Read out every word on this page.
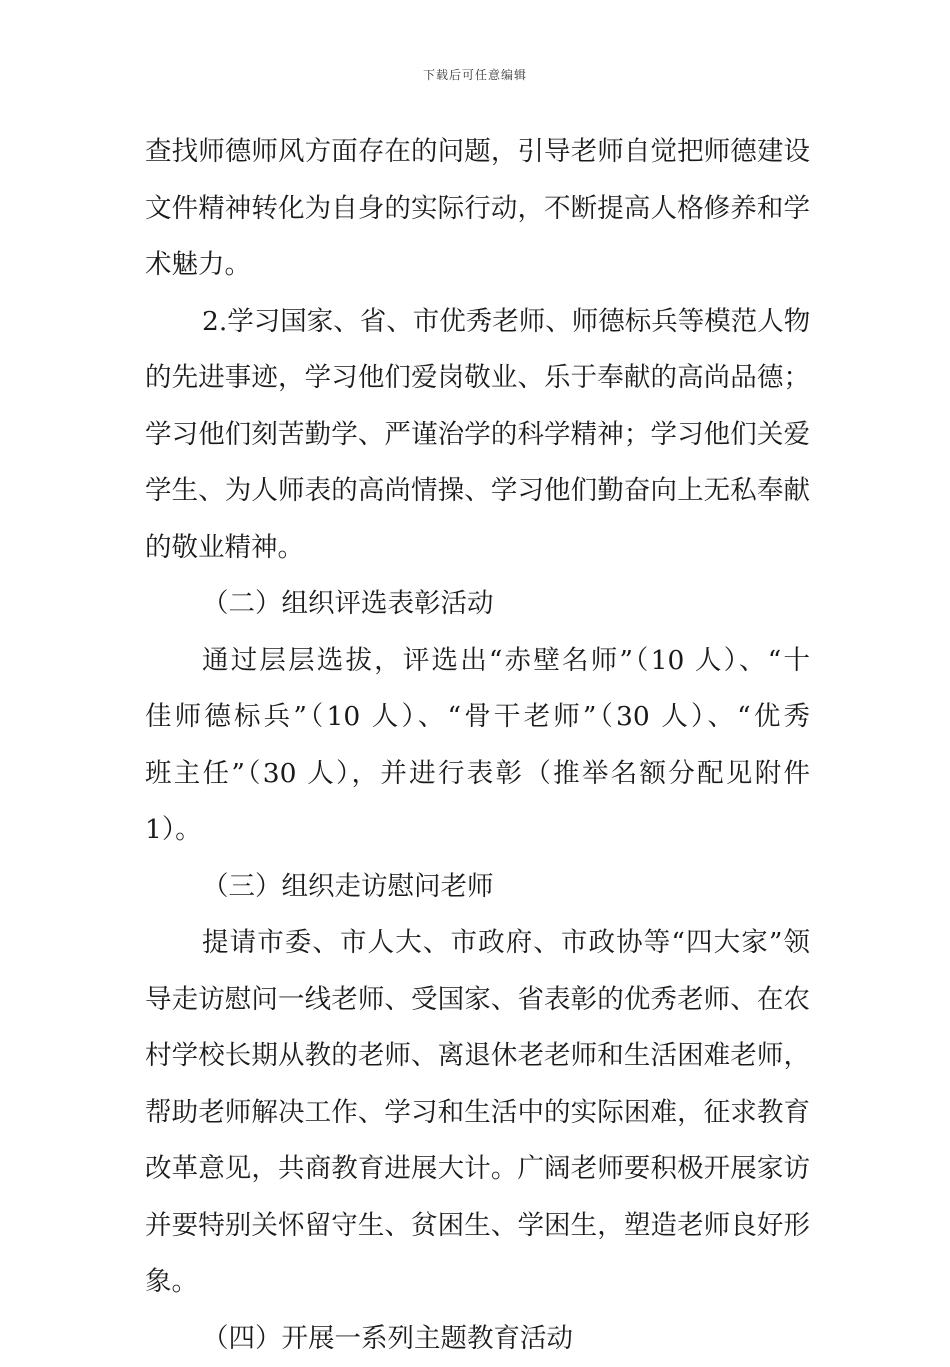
下载后可任意编辑
查找师德师风方面存在的问题，引导老师自觉把师德建设
文件精神转化为自身的实际行动，不断提高人格修养和学
术魅力。
2.学习国家、省、市优秀老师、师德标兵等模范人物
的先进事迹，学习他们爱岗敬业、乐于奉献的高尚品德；
学习他们刻苦勤学、严谨治学的科学精神；学习他们关爱
学生、为人师表的高尚情操、学习他们勤奋向上无私奉献
的敬业精神。
（二）组织评选表彰活动
通过层层选拔，评选出“赤壁名师”（10 人）、“十
佳师德标兵”（10 人）、“骨干老师”（30 人）、“优秀
班主任”（30 人），并进行表彰（推举名额分配见附件
1）。
（三）组织走访慰问老师
提请市委、市人大、市政府、市政协等“四大家”领
导走访慰问一线老师、受国家、省表彰的优秀老师、在农
村学校长期从教的老师、离退休老老师和生活困难老师，
帮助老师解决工作、学习和生活中的实际困难，征求教育
改革意见，共商教育进展大计。广阔老师要积极开展家访
并要特别关怀留守生、贫困生、学困生，塑造老师良好形
象。
（四）开展一系列主题教育活动
